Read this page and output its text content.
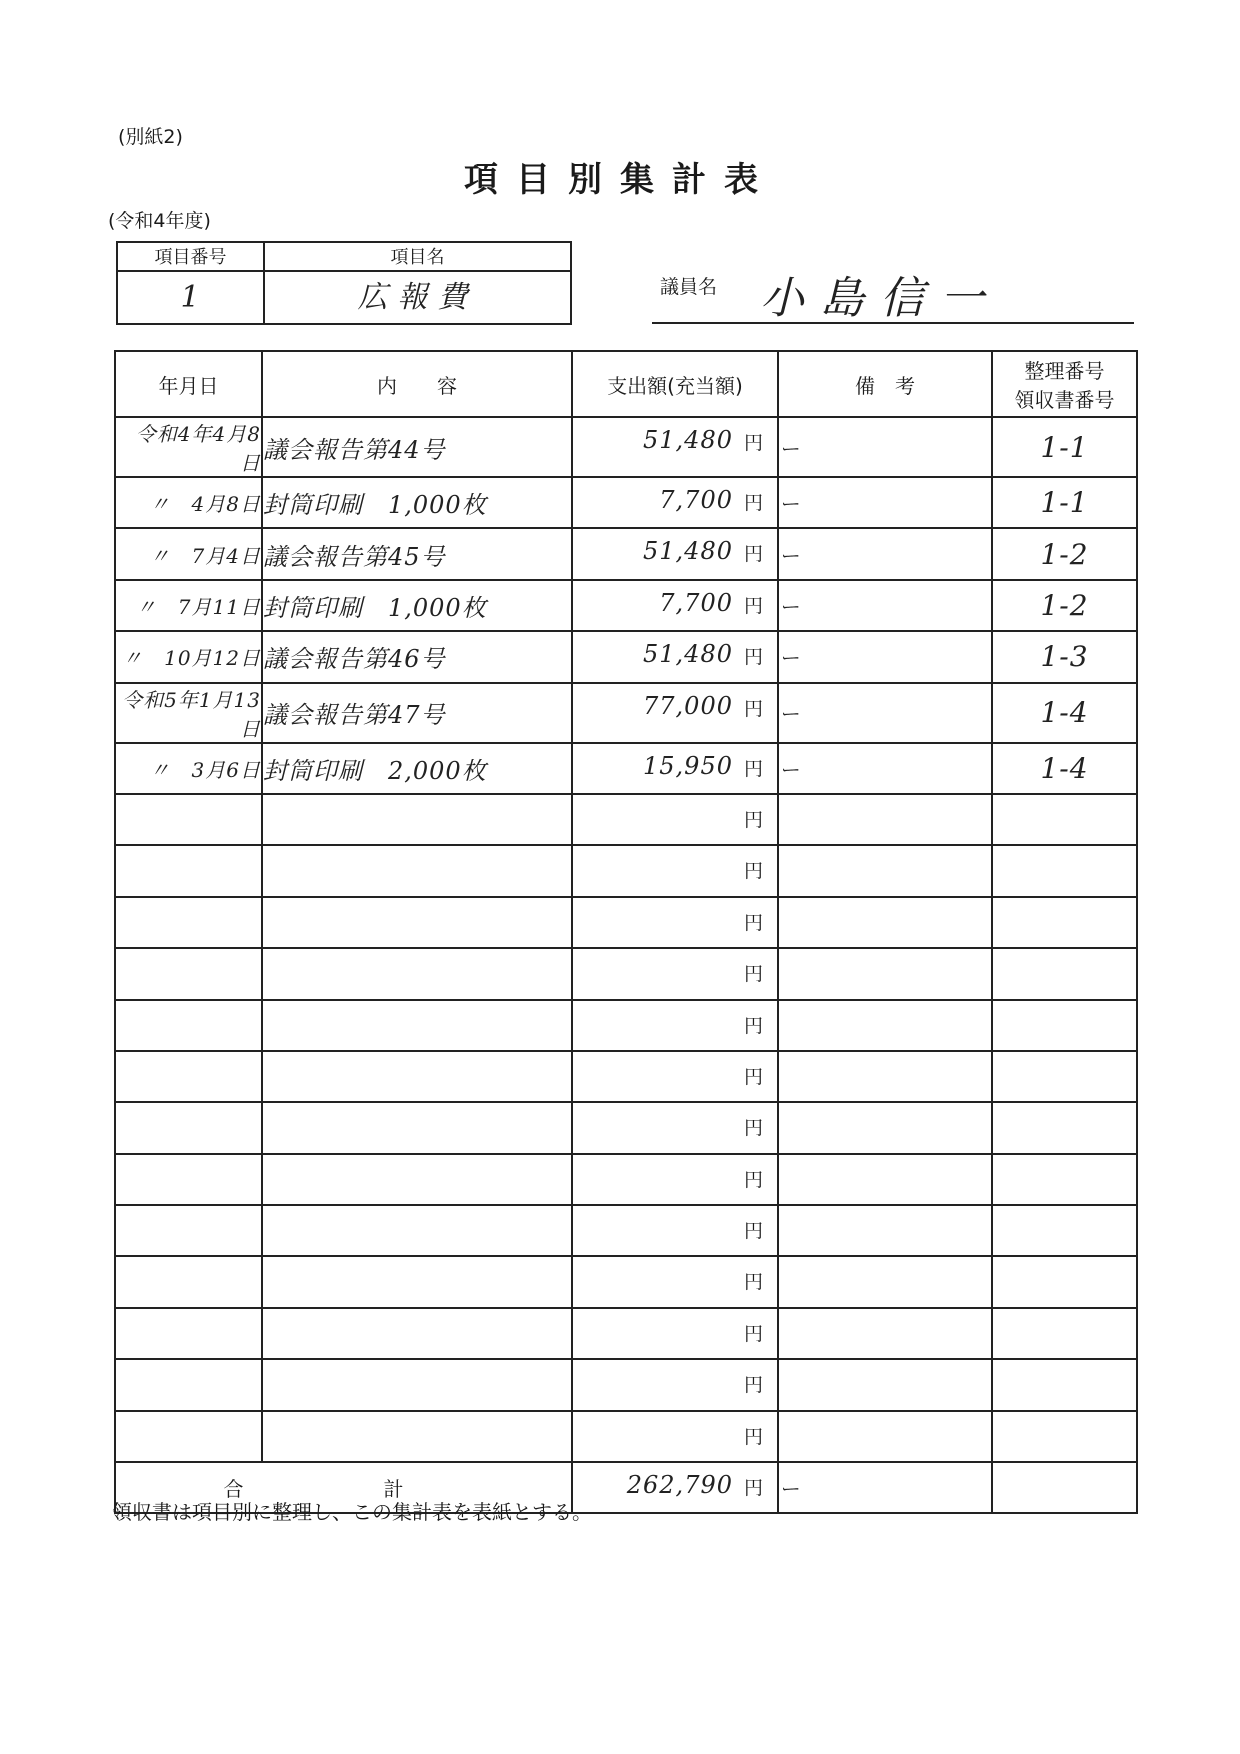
(別紙2)
項目別集計表
(令和4年度)
項目番号	項目名
1	広報費	議員名 小島信一
年月日	内　　容	支出額(充当額)	備　考	整理番号
領収書番号

令和4年4月8日	議会報告第44号	51,480 円	ー	1-1
〃　4月8日	封筒印刷　1,000枚	7,700 円	ー	1-1
〃　7月4日	議会報告第45号	51,480 円	ー	1-2
〃　7月11日	封筒印刷　1,000枚	7,700 円	ー	1-2
〃　10月12日	議会報告第46号	51,480 円	ー	1-3
令和5年1月13日	議会報告第47号	77,000 円	ー	1-4
〃　3月6日	封筒印刷　2,000枚	15,950 円	ー	1-4

		円		

		円		

		円		

		円		

		円		

		円		

		円		

		円		

		円		

		円		

		円		

		円		

		円		

合　計		262,790 円	ー	
領収書は項目別に整理し、この集計表を表紙とする。
